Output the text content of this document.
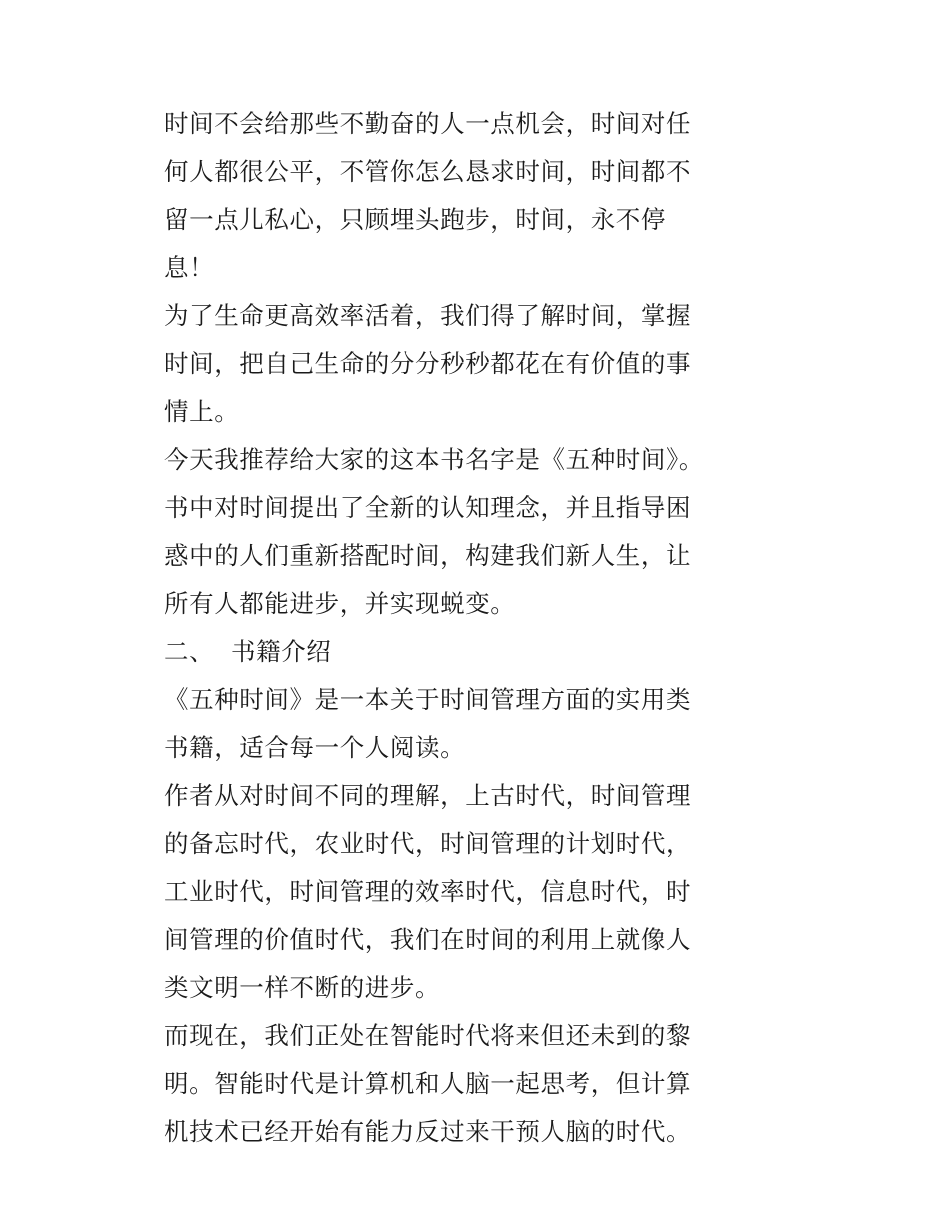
时间不会给那些不勤奋的人一点机会，时间对任何人都很公平，不管你怎么恳求时间，时间都不留一点儿私心，只顾埋头跑步，时间，永不停息！

为了生命更高效率活着，我们得了解时间，掌握时间，把自己生命的分分秒秒都花在有价值的事情上。

今天我推荐给大家的这本书名字是《五种时间》。书中对时间提出了全新的认知理念，并且指导困惑中的人们重新搭配时间，构建我们新人生，让所有人都能进步，并实现蜕变。

二、  书籍介绍

《五种时间》是一本关于时间管理方面的实用类书籍，适合每一个人阅读。

作者从对时间不同的理解，上古时代，时间管理的备忘时代，农业时代，时间管理的计划时代，工业时代，时间管理的效率时代，信息时代，时间管理的价值时代，我们在时间的利用上就像人类文明一样不断的进步。

而现在，我们正处在智能时代将来但还未到的黎明。智能时代是计算机和人脑一起思考，但计算机技术已经开始有能力反过来干预人脑的时代。
